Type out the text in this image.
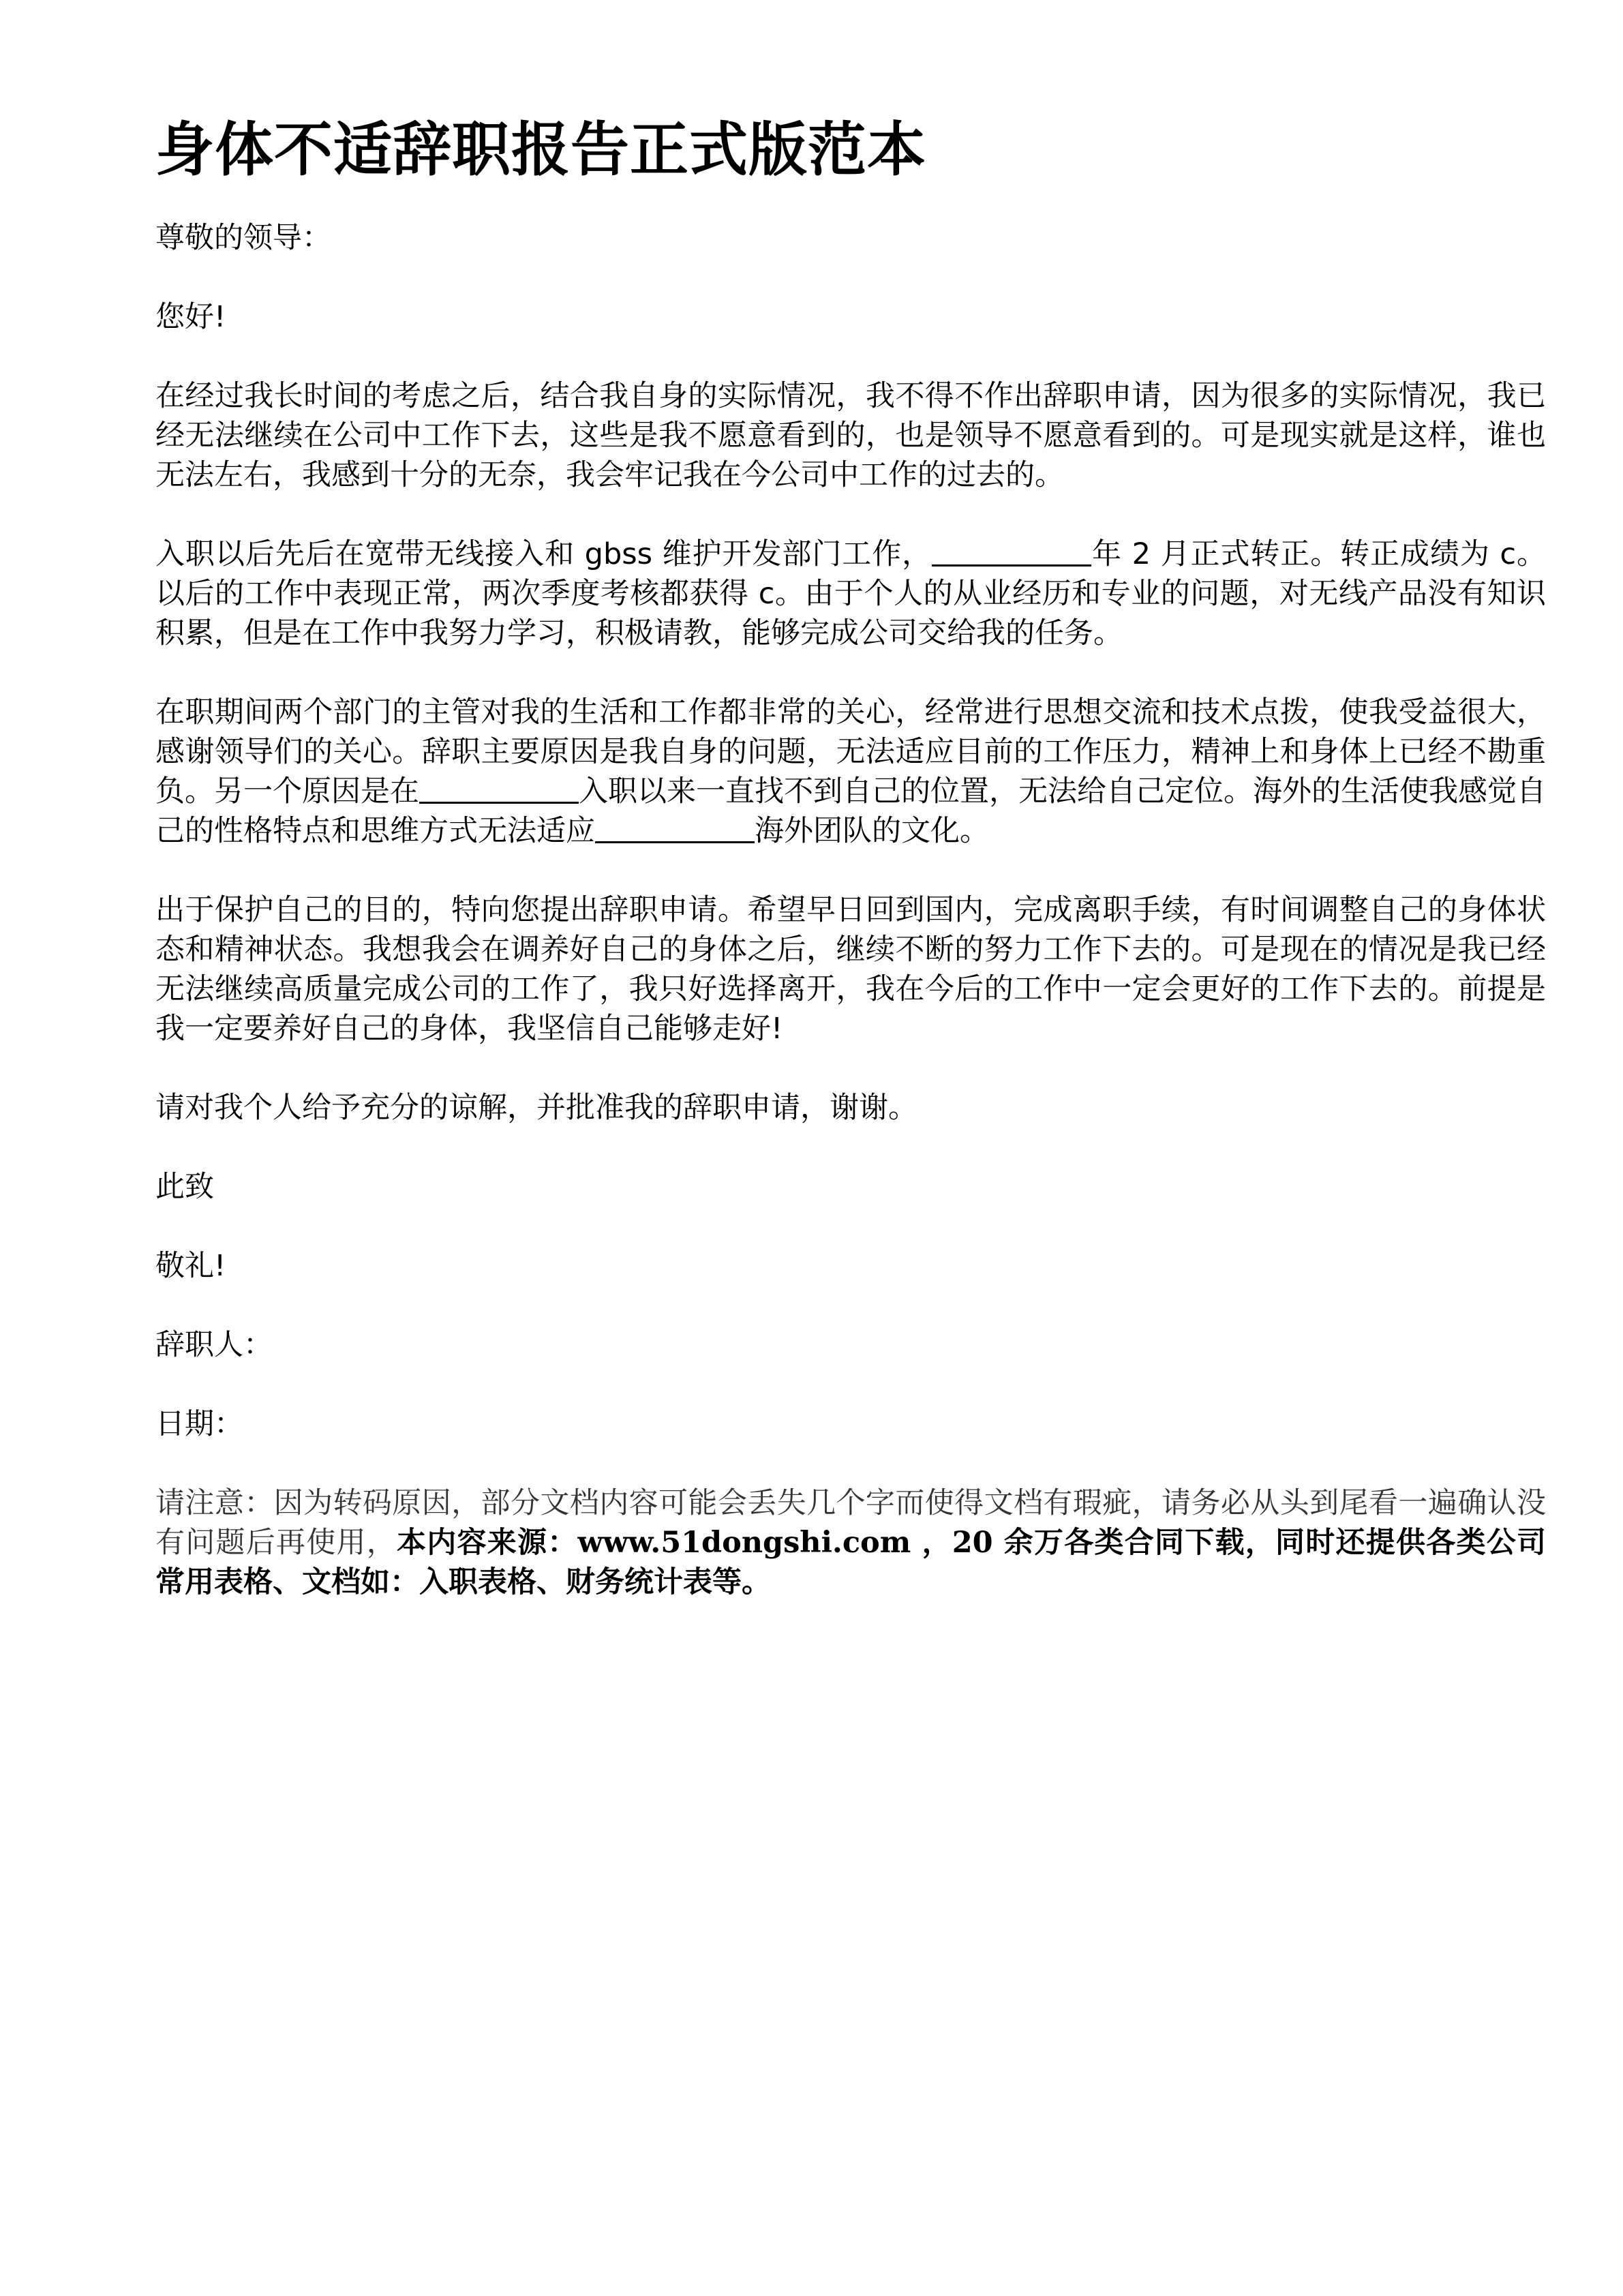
身体不适辞职报告正式版范本
尊敬的领导：
您好!
在经过我长时间的考虑之后，结合我自身的实际情况，我不得不作出辞职申请，因为很多的实际情况，我已经无法继续在公司中工作下去，这些是我不愿意看到的，也是领导不愿意看到的。可是现实就是这样，谁也无法左右，我感到十分的无奈，我会牢记我在今公司中工作的过去的。
入职以后先后在宽带无线接入和 gbss 维护开发部门工作，	年 2 月正式转正。转正成绩为 c。以后的工作中表现正常，两次季度考核都获得 c。由于个人的从业经历和专业的问题，对无线产品没有知识积累，但是在工作中我努力学习，积极请教，能够完成公司交给我的任务。
在职期间两个部门的主管对我的生活和工作都非常的关心，经常进行思想交流和技术点拨，使我受益很大，感谢领导们的关心。辞职主要原因是我自身的问题，无法适应目前的工作压力，精神上和身体上已经不勘重负。另一个原因是在	入职以来一直找不到自己的位置，无法给自己定位。海外的生活使我感觉自己的性格特点和思维方式无法适应	海外团队的文化。
出于保护自己的目的，特向您提出辞职申请。希望早日回到国内，完成离职手续，有时间调整自己的身体状态和精神状态。我想我会在调养好自己的身体之后，继续不断的努力工作下去的。可是现在的情况是我已经无法继续高质量完成公司的工作了，我只好选择离开，我在今后的工作中一定会更好的工作下去的。前提是我一定要养好自己的身体，我坚信自己能够走好!
请对我个人给予充分的谅解，并批准我的辞职申请，谢谢。
此致
敬礼!
辞职人：
日期：
请注意：因为转码原因，部分文档内容可能会丢失几个字而使得文档有瑕疵，请务必从头到尾看一遍确认没有问题后再使用，本内容来源：www.51dongshi.com ，20 余万各类合同下载，同时还提供各类公司常用表格、文档如：入职表格、财务统计表等。
